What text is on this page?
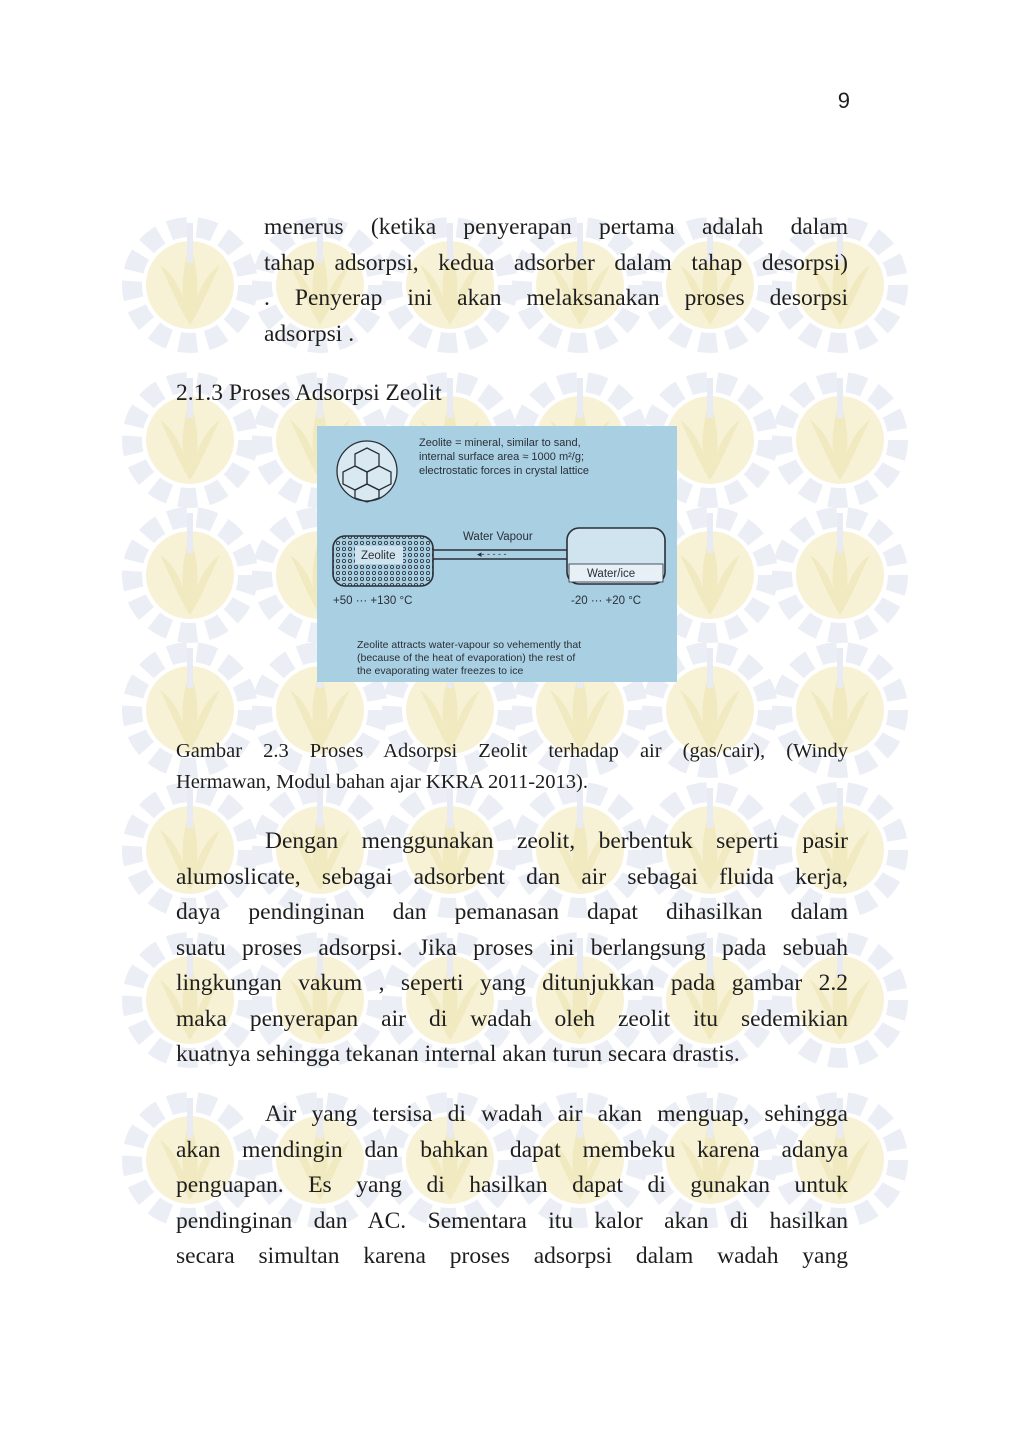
9
menerus (ketika penyerapan pertama adalah dalam
tahap adsorpsi, kedua adsorber dalam tahap desorpsi)
. Penyerap ini akan melaksanakan proses desorpsi
adsorpsi .
2.1.3 Proses Adsorpsi Zeolit
Zeolite = mineral, similar to sand,
internal surface area ≈ 1000 m²/g;
electrostatic forces in crystal lattice
Zeolite
Water Vapour
◂- - - - -
Water/ice
+50 ··· +130 °C	-20 ··· +20 °C
Zeolite attracts water-vapour so vehemently that
(because of the heat of evaporation) the rest of
the evaporating water freezes to ice
Gambar 2.3 Proses Adsorpsi Zeolit terhadap air (gas/cair), (Windy
Hermawan, Modul bahan ajar KKRA 2011-2013).
Dengan menggunakan zeolit, berbentuk seperti pasir
alumoslicate, sebagai adsorbent dan air sebagai fluida kerja,
daya pendinginan dan pemanasan dapat dihasilkan dalam
suatu proses adsorpsi. Jika proses ini berlangsung pada sebuah
lingkungan vakum , seperti yang ditunjukkan pada gambar 2.2
maka penyerapan air di wadah oleh zeolit itu sedemikian
kuatnya sehingga tekanan internal akan turun secara drastis.
Air yang tersisa di wadah air akan menguap, sehingga
akan mendingin dan bahkan dapat membeku karena adanya
penguapan. Es yang di hasilkan dapat di gunakan untuk
pendinginan dan AC. Sementara itu kalor akan di hasilkan
secara simultan karena proses adsorpsi dalam wadah yang
